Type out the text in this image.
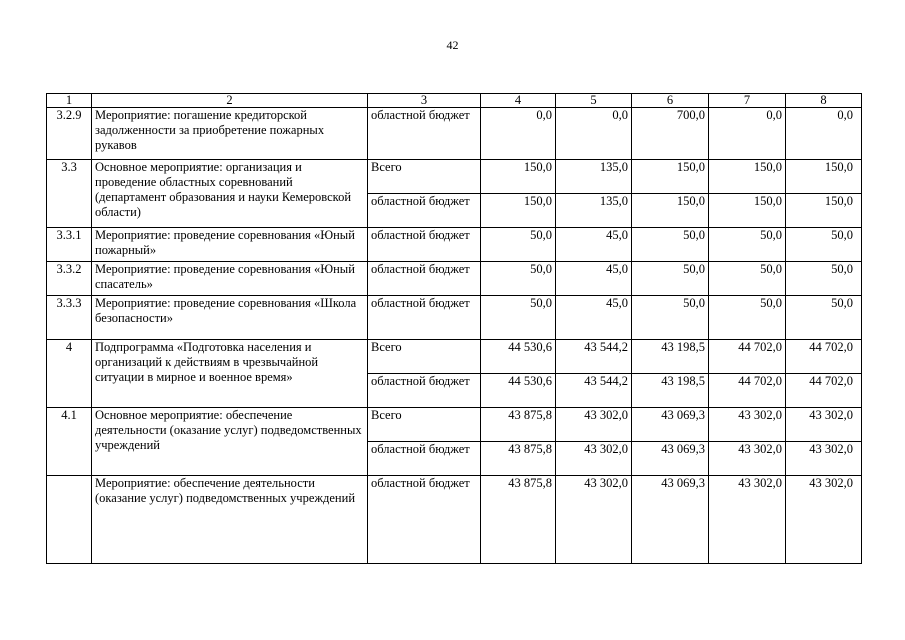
42
1	2	3	4	5	6	7	8
3.2.9	Мероприятие: погашение кредиторской задолженности за приобретение пожарных рукавов	областной бюджет	0,0	0,0	700,0	0,0	0,0
3.3	Основное мероприятие: организация и проведение областных соревнований (департамент образования и науки Кемеровской области)	Всего	150,0	135,0	150,0	150,0	150,0
		областной бюджет	150,0	135,0	150,0	150,0	150,0
3.3.1	Мероприятие: проведение соревнования «Юный пожарный»	областной бюджет	50,0	45,0	50,0	50,0	50,0
3.3.2	Мероприятие: проведение соревнования «Юный спасатель»	областной бюджет	50,0	45,0	50,0	50,0	50,0
3.3.3	Мероприятие: проведение соревнования «Школа безопасности»	областной бюджет	50,0	45,0	50,0	50,0	50,0
4	Подпрограмма «Подготовка населения и организаций к действиям в чрезвычайной ситуации в мирное и военное время»	Всего	44 530,6	43 544,2	43 198,5	44 702,0	44 702,0
		областной бюджет	44 530,6	43 544,2	43 198,5	44 702,0	44 702,0
4.1	Основное мероприятие: обеспечение деятельности (оказание услуг) подведомственных учреждений	Всего	43 875,8	43 302,0	43 069,3	43 302,0	43 302,0
		областной бюджет	43 875,8	43 302,0	43 069,3	43 302,0	43 302,0
	Мероприятие: обеспечение деятельности (оказание услуг) подведомственных учреждений	областной бюджет	43 875,8	43 302,0	43 069,3	43 302,0	43 302,0
